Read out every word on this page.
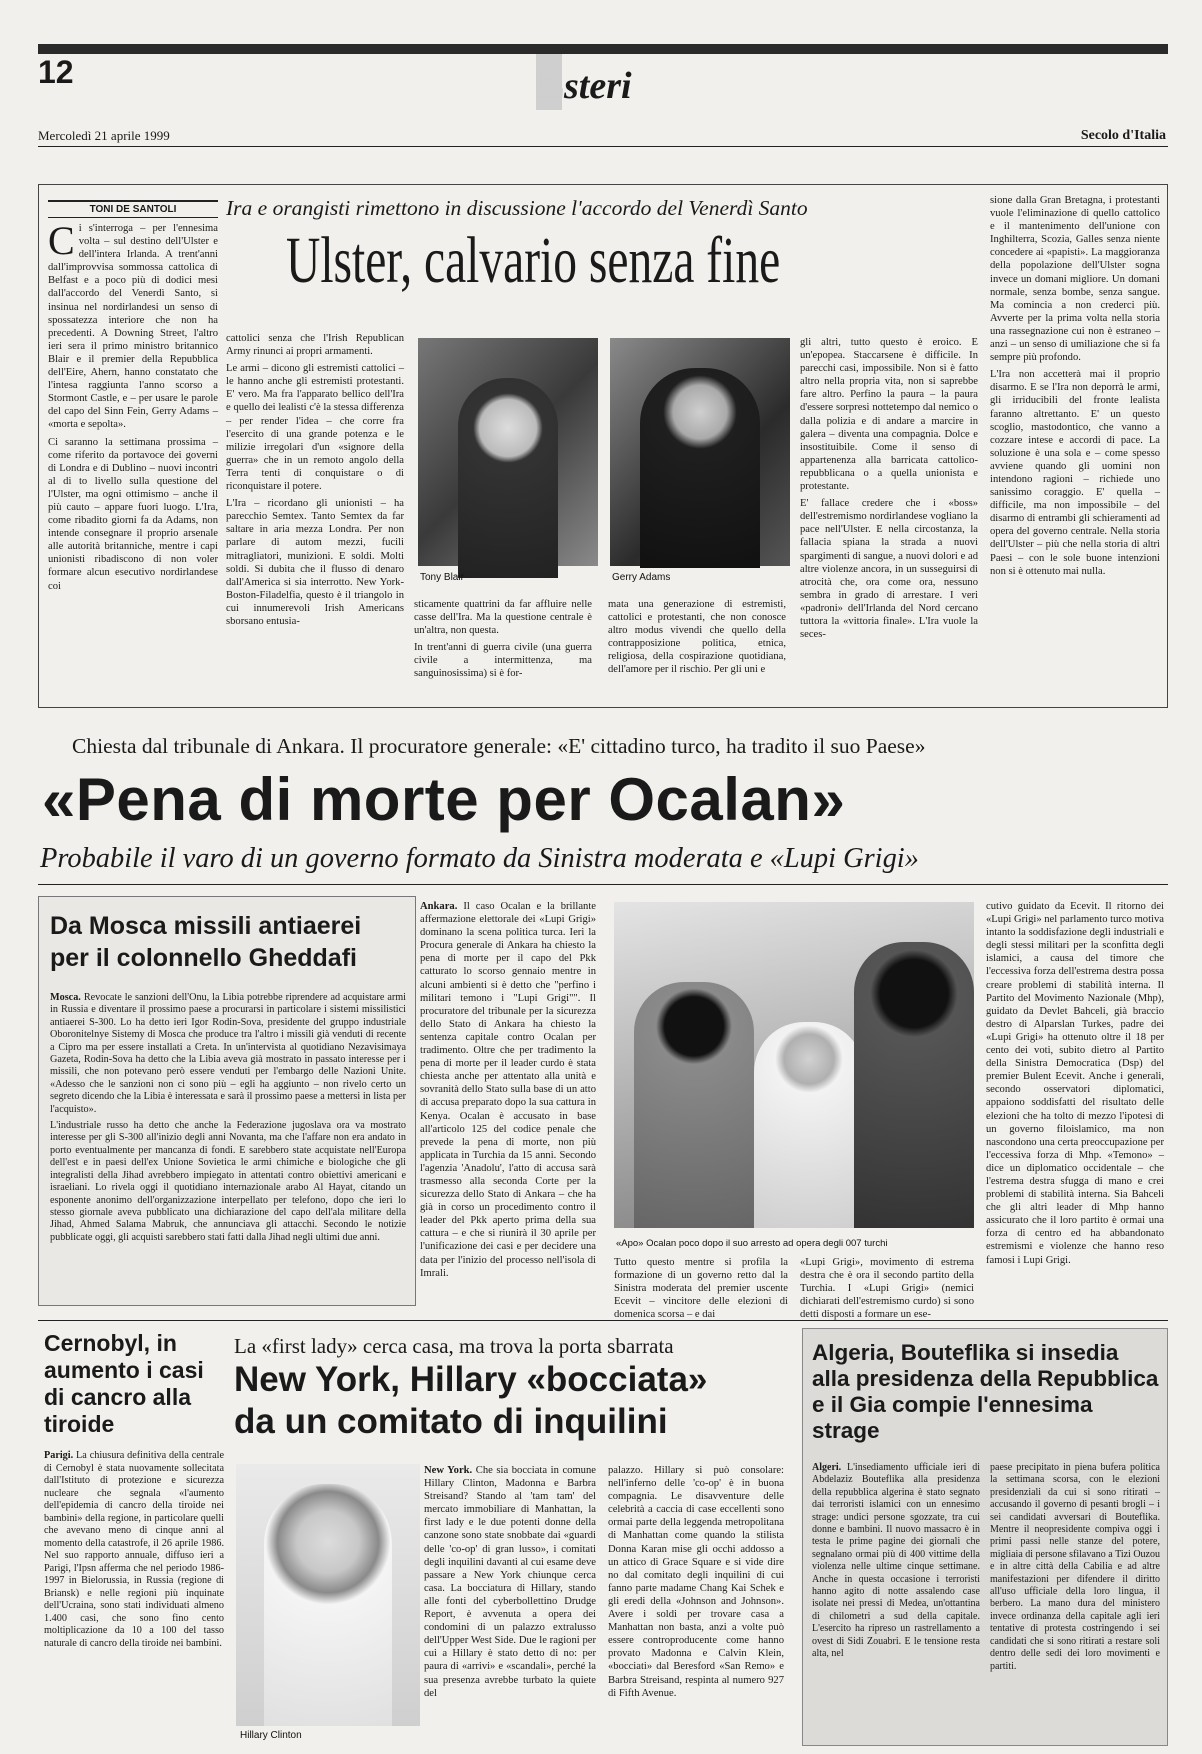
12	Esteri
Mercoledì 21 aprile 1999	Secolo d'Italia
TONI DE SANTOLI

Ci s'interroga – per l'ennesima volta – sul destino dell'Ulster e dell'intera Irlanda. A trent'anni dall'improvvisa sommossa cattolica di Belfast e a poco più di dodici mesi dall'accordo del Venerdì Santo, si insinua nel nordirlandesi un senso di spossatezza interiore che non ha precedenti. A Downing Street, l'altro ieri sera il primo ministro britannico Blair e il premier della Repubblica dell'Eire, Ahern, hanno constatato che l'intesa raggiunta l'anno scorso a Stormont Castle, e – per usare le parole del capo del Sinn Fein, Gerry Adams – «morta e sepolta».

Ci saranno la settimana prossima – come riferito da portavoce dei governi di Londra e di Dublino – nuovi incontri al di to livello sulla questione del l'Ulster, ma ogni ottimismo – anche il più cauto – appare fuori luogo. L'Ira, come ribadito giorni fa da Adams, non intende consegnare il proprio arsenale alle autorità britanniche, mentre i capi unionisti ribadiscono di non voler formare alcun esecutivo nordirlandese coi

Ira e orangisti rimettono in discussione l'accordo del Venerdì Santo
Ulster, calvario senza fine

cattolici senza che l'Irish Republican Army rinunci ai propri armamenti.

Le armi – dicono gli estremisti cattolici – le hanno anche gli estremisti protestanti. E' vero. Ma fra l'apparato bellico dell'Ira e quello dei lealisti c'è la stessa differenza – per render l'idea – che corre fra l'esercito di una grande potenza e le milizie irregolari d'un «signore della guerra» che in un remoto angolo della Terra tenti di conquistare o di riconquistare il potere.

L'Ira – ricordano gli unionisti – ha parecchio Semtex. Tanto Semtex da far saltare in aria mezza Londra. Per non parlare di autom mezzi, fucili mitragliatori, munizioni. E soldi. Molti soldi. Si dubita che il flusso di denaro dall'America si sia interrotto. New York-Boston-Filadelfia, questo è il triangolo in cui innumerevoli Irish Americans sborsano entusia-

Tony Blair	Gerry Adams

sticamente quattrini da far affluire nelle casse dell'Ira. Ma la questione centrale è un'altra, non questa.

In trent'anni di guerra civile (una guerra civile a intermittenza, ma sanguinosissima) si è for-

mata una generazione di estremisti, cattolici e protestanti, che non conosce altro modus vivendi che quello della contrapposizione politica, etnica, religiosa, della cospirazione quotidiana, dell'amore per il rischio. Per gli uni e

gli altri, tutto questo è eroico. E un'epopea. Staccarsene è difficile. In parecchi casi, impossibile. Non si è fatto altro nella propria vita, non si saprebbe fare altro. Perfino la paura – la paura d'essere sorpresi nottetempo dal nemico o dalla polizia e di andare a marcire in galera – diventa una compagnia. Dolce e insostituibile. Come il senso di appartenenza alla barricata cattolico-repubblicana o a quella unionista e protestante.

E' fallace credere che i «boss» dell'estremismo nordirlandese vogliano la pace nell'Ulster. E nella circostanza, la fallacia spiana la strada a nuovi spargimenti di sangue, a nuovi dolori e ad altre violenze ancora, in un susseguirsi di atrocità che, ora come ora, nessuno sembra in grado di arrestare. I veri «padroni» dell'Irlanda del Nord cercano tuttora la «vittoria finale». L'Ira vuole la seces-

sione dalla Gran Bretagna, i protestanti vuole l'eliminazione di quello cattolico e il mantenimento dell'unione con Inghilterra, Scozia, Galles senza niente concedere ai «papisti». La maggioranza della popolazione dell'Ulster sogna invece un domani migliore. Un domani normale, senza bombe, senza sangue. Ma comincia a non crederci più. Avverte per la prima volta nella storia una rassegnazione cui non è estraneo – anzi – un senso di umiliazione che si fa sempre più profondo.

L'Ira non accetterà mai il proprio disarmo. E se l'Ira non deporrà le armi, gli irriducibili del fronte lealista faranno altrettanto. E' un questo scoglio, mastodontico, che vanno a cozzare intese e accordi di pace. La soluzione è una sola e – come spesso avviene quando gli uomini non intendono ragioni – richiede uno sanissimo coraggio. E' quella – difficile, ma non impossibile – del disarmo di entrambi gli schieramenti ad opera del governo centrale. Nella storia dell'Ulster – più che nella storia di altri Paesi – con le sole buone intenzioni non si è ottenuto mai nulla.

Chiesta dal tribunale di Ankara. Il procuratore generale: «E' cittadino turco, ha tradito il suo Paese»
«Pena di morte per Ocalan»
Probabile il varo di un governo formato da Sinistra moderata e «Lupi Grigi»
Da Mosca missili antiaerei
per il colonnello Gheddafi

Mosca. Revocate le sanzioni dell'Onu, la Libia potrebbe riprendere ad acquistare armi in Russia e diventare il prossimo paese a procurarsi in particolare i sistemi missilistici antiaerei S-300. Lo ha detto ieri Igor Rodin-Sova, presidente del gruppo industriale Oboronitelnye Sistemy di Mosca che produce tra l'altro i missili già venduti di recente a Cipro ma per essere installati a Creta. In un'intervista al quotidiano Nezavisimaya Gazeta, Rodin-Sova ha detto che la Libia aveva già mostrato in passato interesse per i missili, che non potevano però essere venduti per l'embargo delle Nazioni Unite. «Adesso che le sanzioni non ci sono più – egli ha aggiunto – non rivelo certo un segreto dicendo che la Libia è interessata e sarà il prossimo paese a mettersi in lista per l'acquisto».

L'industriale russo ha detto che anche la Federazione jugoslava ora va mostrato interesse per gli S-300 all'inizio degli anni Novanta, ma che l'affare non era andato in porto eventualmente per mancanza di fondi. E sarebbero state acquistate nell'Europa dell'est e in paesi dell'ex Unione Sovietica le armi chimiche e biologiche che gli integralisti della Jihad avrebbero impiegato in attentati contro obiettivi americani e israeliani. Lo rivela oggi il quotidiano internazionale arabo Al Hayat, citando un esponente anonimo dell'organizzazione interpellato per telefono, dopo che ieri lo stesso giornale aveva pubblicato una dichiarazione del capo dell'ala militare della Jihad, Ahmed Salama Mabruk, che annunciava gli attacchi. Secondo le notizie pubblicate oggi, gli acquisti sarebbero stati fatti dalla Jihad negli ultimi due anni.

Ankara. Il caso Ocalan e la brillante affermazione elettorale dei «Lupi Grigi» dominano la scena politica turca. Ieri la Procura generale di Ankara ha chiesto la pena di morte per il capo del Pkk catturato lo scorso gennaio mentre in alcuni ambienti si è detto che "perfino i militari temono i "Lupi Grigi"". Il procuratore del tribunale per la sicurezza dello Stato di Ankara ha chiesto la sentenza capitale contro Ocalan per tradimento. Oltre che per tradimento la pena di morte per il leader curdo è stata chiesta anche per attentato alla unità e sovranità dello Stato sulla base di un atto di accusa preparato dopo la sua cattura in Kenya. Ocalan è accusato in base all'articolo 125 del codice penale che prevede la pena di morte, non più applicata in Turchia da 15 anni. Secondo l'agenzia 'Anadolu', l'atto di accusa sarà trasmesso alla seconda Corte per la sicurezza dello Stato di Ankara – che ha già in corso un procedimento contro il leader del Pkk aperto prima della sua cattura – e che si riunirà il 30 aprile per l'unificazione dei casi e per decidere una data per l'inizio del processo nell'isola di Imrali.

«Apo» Ocalan poco dopo il suo arresto ad opera degli 007 turchi

Tutto questo mentre si profila la formazione di un governo retto dal la Sinistra moderata del premier uscente Ecevit – vincitore delle elezioni di domenica scorsa – e dai

«Lupi Grigi», movimento di estrema destra che è ora il secondo partito della Turchia. I «Lupi Grigi» (nemici dichiarati dell'estremismo curdo) si sono detti disposti a formare un ese-

cutivo guidato da Ecevit. Il ritorno dei «Lupi Grigi» nel parlamento turco motiva intanto la soddisfazione degli industriali e degli stessi militari per la sconfitta degli islamici, a causa del timore che l'eccessiva forza dell'estrema destra possa creare problemi di stabilità interna. Il Partito del Movimento Nazionale (Mhp), guidato da Devlet Bahceli, già braccio destro di Alparslan Turkes, padre dei «Lupi Grigi» ha ottenuto oltre il 18 per cento dei voti, subito dietro al Partito della Sinistra Democratica (Dsp) del premier Bulent Ecevit. Anche i generali, secondo osservatori diplomatici, appaiono soddisfatti del risultato delle elezioni che ha tolto di mezzo l'ipotesi di un governo filoislamico, ma non nascondono una certa preoccupazione per l'eccessiva forza di Mhp. «Temono» – dice un diplomatico occidentale – che l'estrema destra sfugga di mano e crei problemi di stabilità interna. Sia Bahceli che gli altri leader di Mhp hanno assicurato che il loro partito è ormai una forza di centro ed ha abbandonato estremismi e violenze che hanno reso famosi i Lupi Grigi.

Cernobyl, in aumento i casi di cancro alla tiroide

Parigi. La chiusura definitiva della centrale di Cernobyl è stata nuovamente sollecitata dall'Istituto di protezione e sicurezza nucleare che segnala «l'aumento dell'epidemia di cancro della tiroide nei bambini» della regione, in particolare quelli che avevano meno di cinque anni al momento della catastrofe, il 26 aprile 1986. Nel suo rapporto annuale, diffuso ieri a Parigi, l'Ipsn afferma che nel periodo 1986-1997 in Bielorussia, in Russia (regione di Briansk) e nelle regioni più inquinate dell'Ucraina, sono stati individuati almeno 1.400 casi, che sono fino cento moltiplicazione da 10 a 100 del tasso naturale di cancro della tiroide nei bambini.

La «first lady» cerca casa, ma trova la porta sbarrata
New York, Hillary «bocciata»
da un comitato di inquilini
Hillary Clinton

New York. Che sia bocciata in comune Hillary Clinton, Madonna e Barbra Streisand? Stando al 'tam tam' del mercato immobiliare di Manhattan, la first lady e le due potenti donne della canzone sono state snobbate dai «guardi delle 'co-op' di gran lusso», i comitati degli inquilini davanti al cui esame deve passare a New York chiunque cerca casa. La bocciatura di Hillary, stando alle fonti del cyberbollettino Drudge Report, è avvenuta a opera dei condomini di un palazzo extralusso dell'Upper West Side. Due le ragioni per cui a Hillary è stato detto di no: per paura di «arrivi» e «scandali», perché la sua presenza avrebbe turbato la quiete del

palazzo. Hillary si può consolare: nell'inferno delle 'co-op' è in buona compagnia. Le disavventure delle celebrità a caccia di case eccellenti sono ormai parte della leggenda metropolitana di Manhattan come quando la stilista Donna Karan mise gli occhi addosso a un attico di Grace Square e si vide dire no dal comitato degli inquilini di cui fanno parte madame Chang Kai Schek e gli eredi della «Johnson and Johnson». Avere i soldi per trovare casa a Manhattan non basta, anzi a volte può essere controproducente come hanno provato Madonna e Calvin Klein, «bocciati» dal Beresford «San Remo» e Barbra Streisand, respinta al numero 927 di Fifth Avenue.

Algeria, Bouteflika si insedia alla presidenza della Repubblica e il Gia compie l'ennesima strage

Algeri. L'insediamento ufficiale ieri di Abdelaziz Bouteflika alla presidenza della repubblica algerina è stato segnato dai terroristi islamici con un ennesimo strage: undici persone sgozzate, tra cui donne e bambini. Il nuovo massacro è in testa le prime pagine dei giornali che segnalano ormai più di 400 vittime della violenza nelle ultime cinque settimane. Anche in questa occasione i terroristi hanno agito di notte assalendo case isolate nei pressi di Medea, un'ottantina di chilometri a sud della capitale. L'esercito ha ripreso un rastrellamento a ovest di Sidi Zouabri. E le tensione resta alta, nel

paese precipitato in piena bufera politica la settimana scorsa, con le elezioni presidenziali da cui si sono ritirati – accusando il governo di pesanti brogli – i sei candidati avversari di Bouteflika. Mentre il neopresidente compiva oggi i primi passi nelle stanze del potere, migliaia di persone sfilavano a Tizi Ouzou e in altre città della Cabilia e ad altre manifestazioni per difendere il diritto all'uso ufficiale della loro lingua, il berbero. La mano dura del ministero invece ordinanza della capitale agli ieri tentative di protesta costringendo i sei candidati che si sono ritirati a restare soli dentro delle sedi dei loro movimenti e partiti.
